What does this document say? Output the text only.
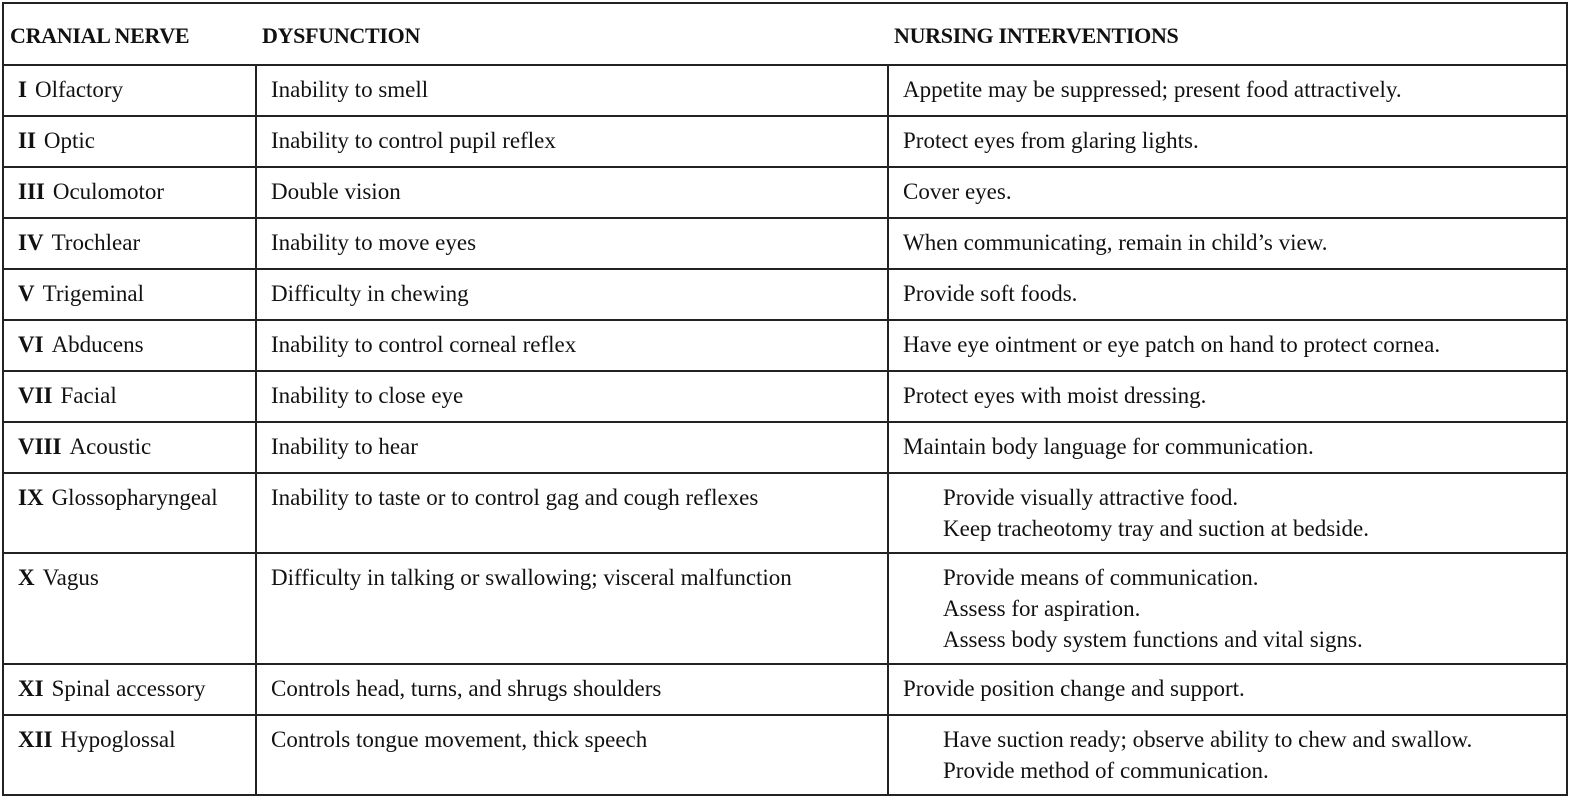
CRANIAL NERVE	DYSFUNCTION	NURSING INTERVENTIONS
I Olfactory	Inability to smell	Appetite may be suppressed; present food attractively.

II Optic	Inability to control pupil reflex	Protect eyes from glaring lights.

III Oculomotor	Double vision	Cover eyes.

IV Trochlear	Inability to move eyes	When communicating, remain in child’s view.

V Trigeminal	Difficulty in chewing	Provide soft foods.

VI Abducens	Inability to control corneal reflex	Have eye ointment or eye patch on hand to protect cornea.

VII Facial	Inability to close eye	Protect eyes with moist dressing.

VIII Acoustic	Inability to hear	Maintain body language for communication.

IX Glossopharyngeal	Inability to taste or to control gag and cough reflexes	Provide visually attractive food.
Keep tracheotomy tray and suction at bedside.

X Vagus	Difficulty in talking or swallowing; visceral malfunction	Provide means of communication.
Assess for aspiration.
Assess body system functions and vital signs.

XI Spinal accessory	Controls head, turns, and shrugs shoulders	Provide position change and support.

XII Hypoglossal	Controls tongue movement, thick speech	Have suction ready; observe ability to chew and swallow.
Provide method of communication.
